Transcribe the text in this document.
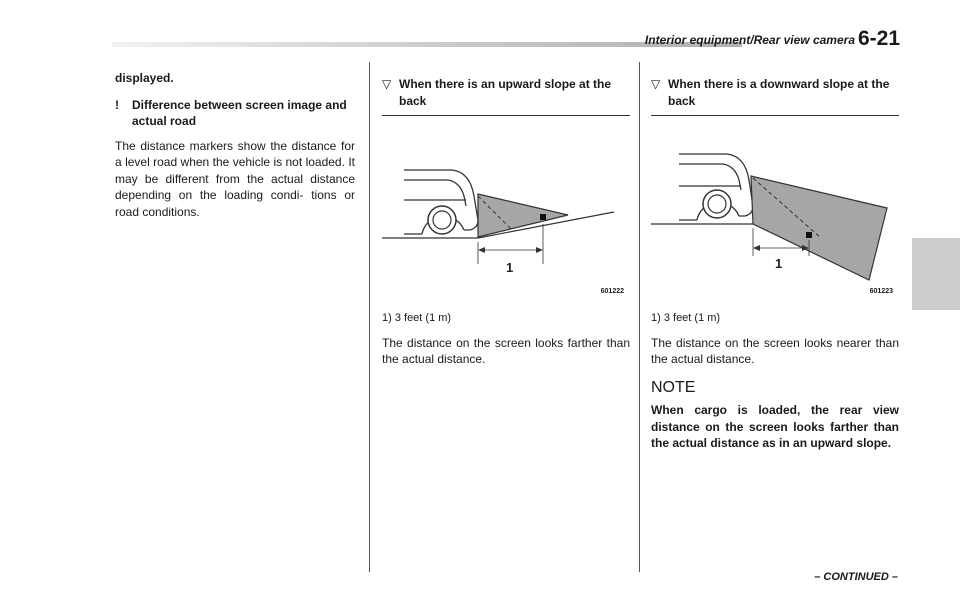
Interior equipment/Rear view camera 6-21

displayed.

!	Difference between screen image and actual road

The distance markers show the distance for a level road when the vehicle is not loaded. It may be different from the actual distance depending on the loading condi- tions or road conditions.

▽ When there is an upward slope at the back
1
601222

1) 3 feet (1 m)

The distance on the screen looks farther than the actual distance.

▽ When there is a downward slope at the back
1
601223

1) 3 feet (1 m)

The distance on the screen looks nearer than the actual distance.

NOTE

When cargo is loaded, the rear view distance on the screen looks farther than the actual distance as in an upward slope.

– CONTINUED –
